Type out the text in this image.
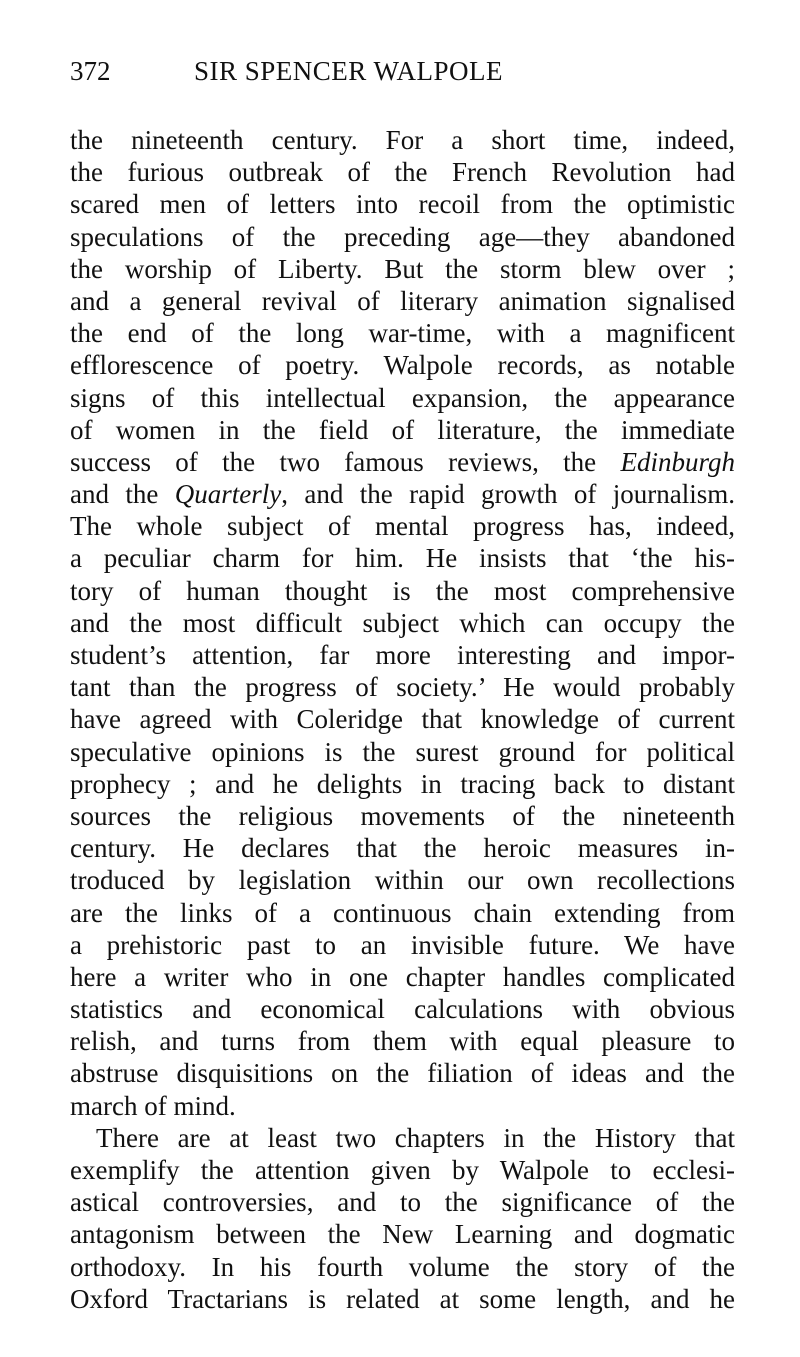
372	SIR SPENCER WALPOLE
the nineteenth century. For a short time, indeed,
the furious outbreak of the French Revolution had
scared men of letters into recoil from the optimistic
speculations of the preceding age—they abandoned
the worship of Liberty. But the storm blew over ;
and a general revival of literary animation signalised
the end of the long war-time, with a magnificent
efflorescence of poetry. Walpole records, as notable
signs of this intellectual expansion, the appearance
of women in the field of literature, the immediate
success of the two famous reviews, the Edinburgh
and the Quarterly, and the rapid growth of journalism.
The whole subject of mental progress has, indeed,
a peculiar charm for him. He insists that ‘the his-
tory of human thought is the most comprehensive
and the most difficult subject which can occupy the
student’s attention, far more interesting and impor-
tant than the progress of society.’ He would probably
have agreed with Coleridge that knowledge of current
speculative opinions is the surest ground for political
prophecy ; and he delights in tracing back to distant
sources the religious movements of the nineteenth
century. He declares that the heroic measures in-
troduced by legislation within our own recollections
are the links of a continuous chain extending from
a prehistoric past to an invisible future. We have
here a writer who in one chapter handles complicated
statistics and economical calculations with obvious
relish, and turns from them with equal pleasure to
abstruse disquisitions on the filiation of ideas and the
march of mind.
There are at least two chapters in the History that
exemplify the attention given by Walpole to ecclesi-
astical controversies, and to the significance of the
antagonism between the New Learning and dogmatic
orthodoxy. In his fourth volume the story of the
Oxford Tractarians is related at some length, and he
